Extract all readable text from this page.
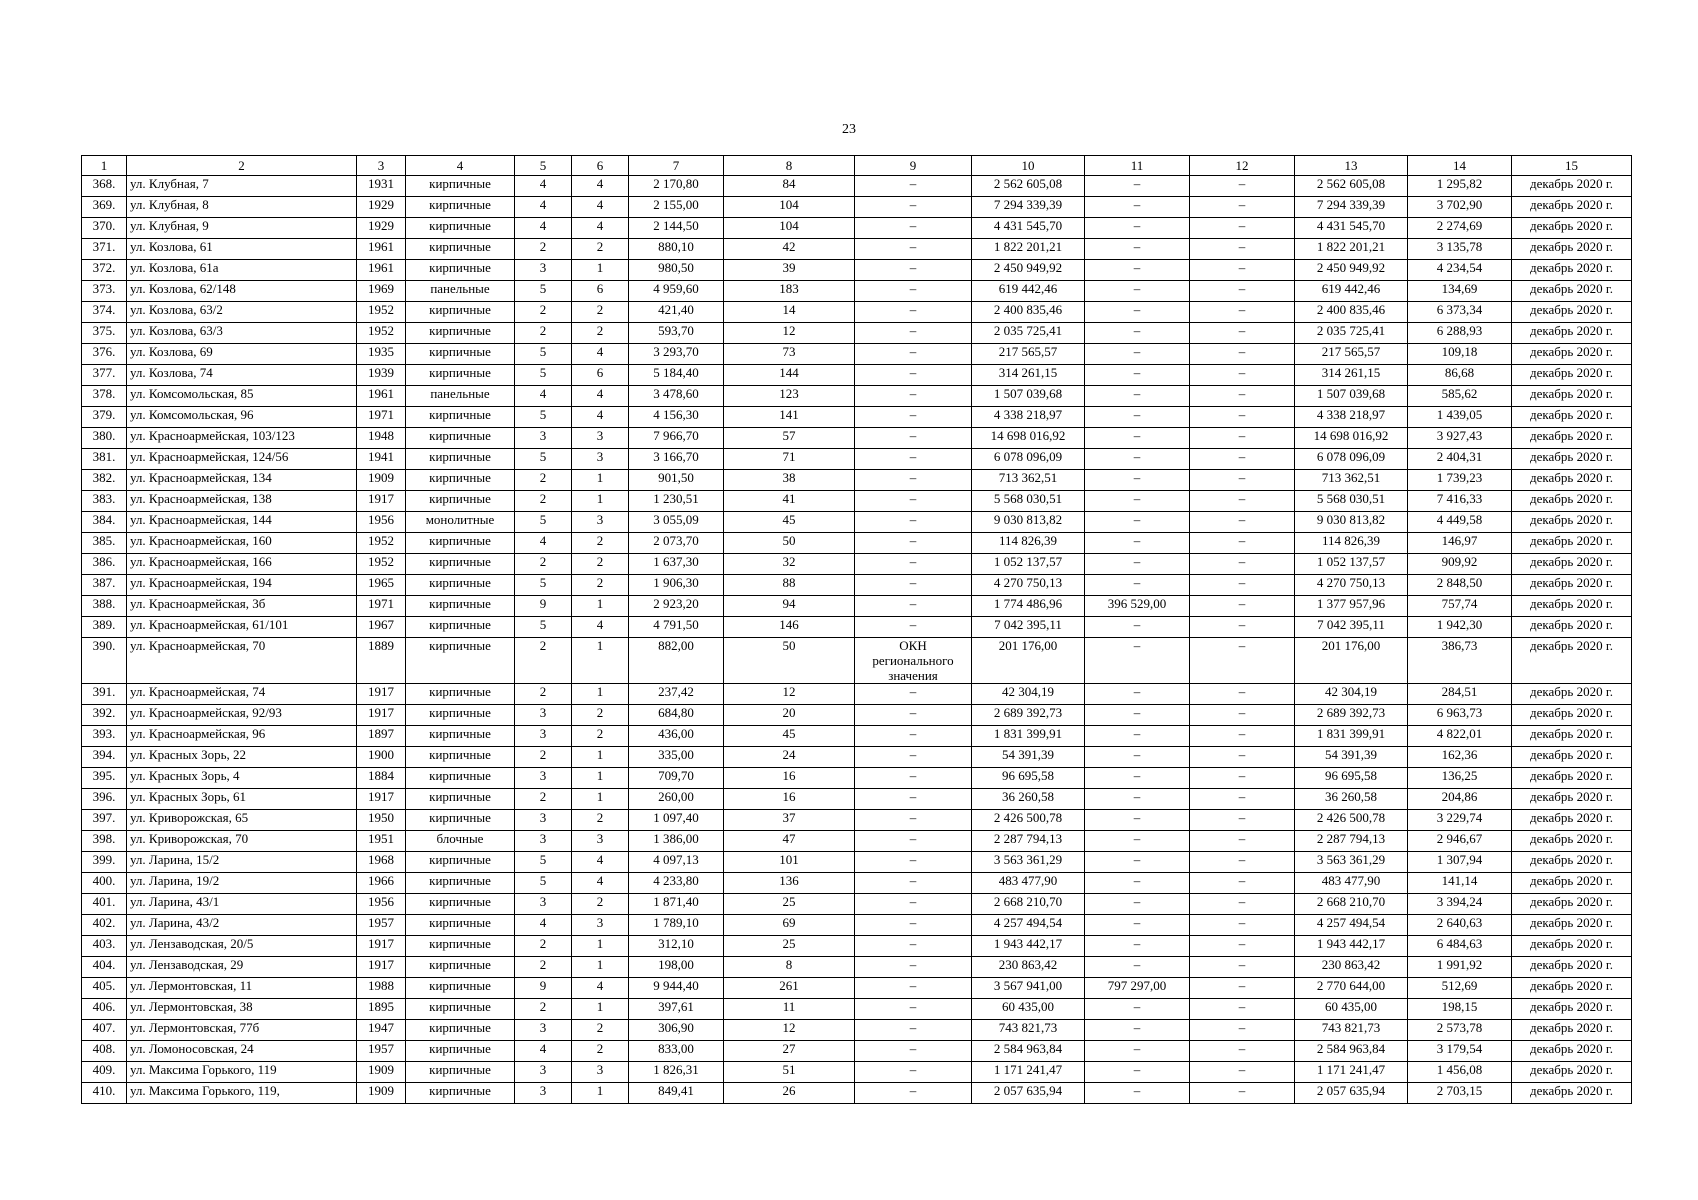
23
1	2	3	4	5	6	7	8	9	10	11	12	13	14	15
368.	ул. Клубная, 7	1931	кирпичные	4	4	2 170,80	84	–	2 562 605,08	–	–	2 562 605,08	1 295,82	декабрь 2020 г.
369.	ул. Клубная, 8	1929	кирпичные	4	4	2 155,00	104	–	7 294 339,39	–	–	7 294 339,39	3 702,90	декабрь 2020 г.
370.	ул. Клубная, 9	1929	кирпичные	4	4	2 144,50	104	–	4 431 545,70	–	–	4 431 545,70	2 274,69	декабрь 2020 г.
371.	ул. Козлова, 61	1961	кирпичные	2	2	880,10	42	–	1 822 201,21	–	–	1 822 201,21	3 135,78	декабрь 2020 г.
372.	ул. Козлова, 61а	1961	кирпичные	3	1	980,50	39	–	2 450 949,92	–	–	2 450 949,92	4 234,54	декабрь 2020 г.
373.	ул. Козлова, 62/148	1969	панельные	5	6	4 959,60	183	–	619 442,46	–	–	619 442,46	134,69	декабрь 2020 г.
374.	ул. Козлова, 63/2	1952	кирпичные	2	2	421,40	14	–	2 400 835,46	–	–	2 400 835,46	6 373,34	декабрь 2020 г.
375.	ул. Козлова, 63/3	1952	кирпичные	2	2	593,70	12	–	2 035 725,41	–	–	2 035 725,41	6 288,93	декабрь 2020 г.
376.	ул. Козлова, 69	1935	кирпичные	5	4	3 293,70	73	–	217 565,57	–	–	217 565,57	109,18	декабрь 2020 г.
377.	ул. Козлова, 74	1939	кирпичные	5	6	5 184,40	144	–	314 261,15	–	–	314 261,15	86,68	декабрь 2020 г.
378.	ул. Комсомольская, 85	1961	панельные	4	4	3 478,60	123	–	1 507 039,68	–	–	1 507 039,68	585,62	декабрь 2020 г.
379.	ул. Комсомольская, 96	1971	кирпичные	5	4	4 156,30	141	–	4 338 218,97	–	–	4 338 218,97	1 439,05	декабрь 2020 г.
380.	ул. Красноармейская, 103/123	1948	кирпичные	3	3	7 966,70	57	–	14 698 016,92	–	–	14 698 016,92	3 927,43	декабрь 2020 г.
381.	ул. Красноармейская, 124/56	1941	кирпичные	5	3	3 166,70	71	–	6 078 096,09	–	–	6 078 096,09	2 404,31	декабрь 2020 г.
382.	ул. Красноармейская, 134	1909	кирпичные	2	1	901,50	38	–	713 362,51	–	–	713 362,51	1 739,23	декабрь 2020 г.
383.	ул. Красноармейская, 138	1917	кирпичные	2	1	1 230,51	41	–	5 568 030,51	–	–	5 568 030,51	7 416,33	декабрь 2020 г.
384.	ул. Красноармейская, 144	1956	монолитные	5	3	3 055,09	45	–	9 030 813,82	–	–	9 030 813,82	4 449,58	декабрь 2020 г.
385.	ул. Красноармейская, 160	1952	кирпичные	4	2	2 073,70	50	–	114 826,39	–	–	114 826,39	146,97	декабрь 2020 г.
386.	ул. Красноармейская, 166	1952	кирпичные	2	2	1 637,30	32	–	1 052 137,57	–	–	1 052 137,57	909,92	декабрь 2020 г.
387.	ул. Красноармейская, 194	1965	кирпичные	5	2	1 906,30	88	–	4 270 750,13	–	–	4 270 750,13	2 848,50	декабрь 2020 г.
388.	ул. Красноармейская, 3б	1971	кирпичные	9	1	2 923,20	94	–	1 774 486,96	396 529,00	–	1 377 957,96	757,74	декабрь 2020 г.
389.	ул. Красноармейская, 61/101	1967	кирпичные	5	4	4 791,50	146	–	7 042 395,11	–	–	7 042 395,11	1 942,30	декабрь 2020 г.
390.	ул. Красноармейская, 70	1889	кирпичные	2	1	882,00	50	ОКН регионального значения	201 176,00	–	–	201 176,00	386,73	декабрь 2020 г.
391.	ул. Красноармейская, 74	1917	кирпичные	2	1	237,42	12	–	42 304,19	–	–	42 304,19	284,51	декабрь 2020 г.
392.	ул. Красноармейская, 92/93	1917	кирпичные	3	2	684,80	20	–	2 689 392,73	–	–	2 689 392,73	6 963,73	декабрь 2020 г.
393.	ул. Красноармейская, 96	1897	кирпичные	3	2	436,00	45	–	1 831 399,91	–	–	1 831 399,91	4 822,01	декабрь 2020 г.
394.	ул. Красных Зорь, 22	1900	кирпичные	2	1	335,00	24	–	54 391,39	–	–	54 391,39	162,36	декабрь 2020 г.
395.	ул. Красных Зорь, 4	1884	кирпичные	3	1	709,70	16	–	96 695,58	–	–	96 695,58	136,25	декабрь 2020 г.
396.	ул. Красных Зорь, 61	1917	кирпичные	2	1	260,00	16	–	36 260,58	–	–	36 260,58	204,86	декабрь 2020 г.
397.	ул. Криворожская, 65	1950	кирпичные	3	2	1 097,40	37	–	2 426 500,78	–	–	2 426 500,78	3 229,74	декабрь 2020 г.
398.	ул. Криворожская, 70	1951	блочные	3	3	1 386,00	47	–	2 287 794,13	–	–	2 287 794,13	2 946,67	декабрь 2020 г.
399.	ул. Ларина, 15/2	1968	кирпичные	5	4	4 097,13	101	–	3 563 361,29	–	–	3 563 361,29	1 307,94	декабрь 2020 г.
400.	ул. Ларина, 19/2	1966	кирпичные	5	4	4 233,80	136	–	483 477,90	–	–	483 477,90	141,14	декабрь 2020 г.
401.	ул. Ларина, 43/1	1956	кирпичные	3	2	1 871,40	25	–	2 668 210,70	–	–	2 668 210,70	3 394,24	декабрь 2020 г.
402.	ул. Ларина, 43/2	1957	кирпичные	4	3	1 789,10	69	–	4 257 494,54	–	–	4 257 494,54	2 640,63	декабрь 2020 г.
403.	ул. Лензаводская, 20/5	1917	кирпичные	2	1	312,10	25	–	1 943 442,17	–	–	1 943 442,17	6 484,63	декабрь 2020 г.
404.	ул. Лензаводская, 29	1917	кирпичные	2	1	198,00	8	–	230 863,42	–	–	230 863,42	1 991,92	декабрь 2020 г.
405.	ул. Лермонтовская, 11	1988	кирпичные	9	4	9 944,40	261	–	3 567 941,00	797 297,00	–	2 770 644,00	512,69	декабрь 2020 г.
406.	ул. Лермонтовская, 38	1895	кирпичные	2	1	397,61	11	–	60 435,00	–	–	60 435,00	198,15	декабрь 2020 г.
407.	ул. Лермонтовская, 77б	1947	кирпичные	3	2	306,90	12	–	743 821,73	–	–	743 821,73	2 573,78	декабрь 2020 г.
408.	ул. Ломоносовская, 24	1957	кирпичные	4	2	833,00	27	–	2 584 963,84	–	–	2 584 963,84	3 179,54	декабрь 2020 г.
409.	ул. Максима Горького, 119	1909	кирпичные	3	3	1 826,31	51	–	1 171 241,47	–	–	1 171 241,47	1 456,08	декабрь 2020 г.
410.	ул. Максима Горького, 119,	1909	кирпичные	3	1	849,41	26	–	2 057 635,94	–	–	2 057 635,94	2 703,15	декабрь 2020 г.
